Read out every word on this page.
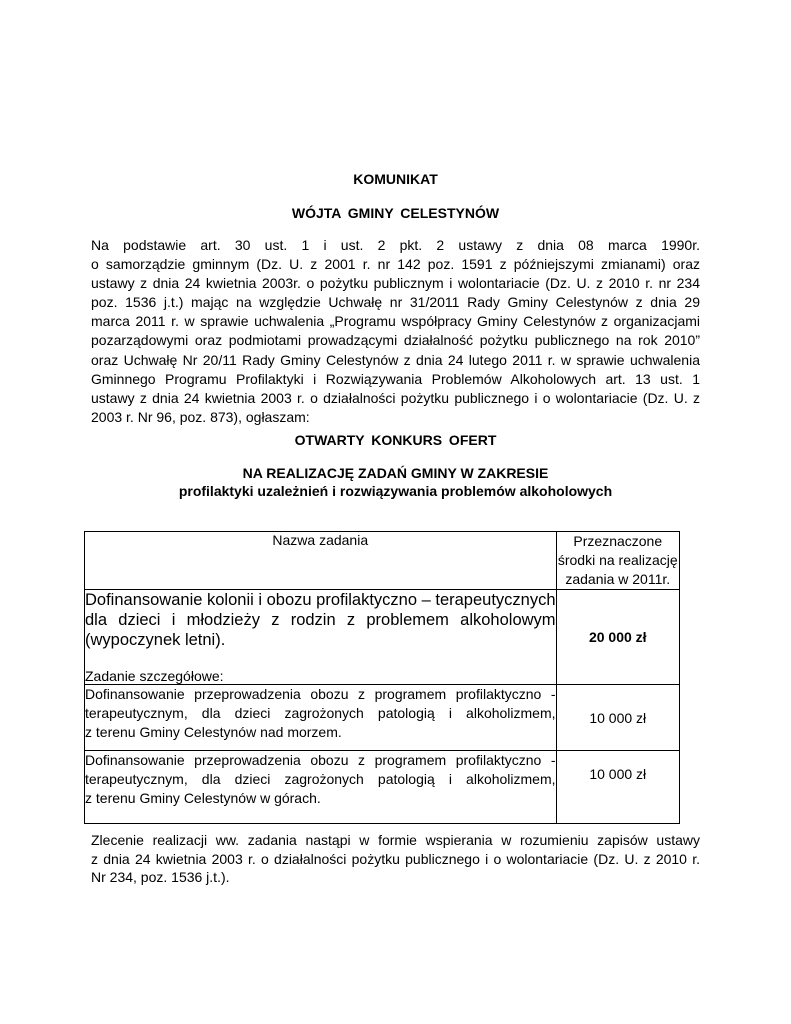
KOMUNIKAT
WÓJTA GMINY CELESTYNÓW

Na podstawie art. 30 ust. 1 i ust. 2 pkt. 2 ustawy z dnia 08 marca 1990r.
o samorządzie gminnym (Dz. U. z 2001 r. nr 142 poz. 1591 z późniejszymi zmianami) oraz
ustawy z dnia 24 kwietnia 2003r. o pożytku publicznym i wolontariacie (Dz. U. z 2010 r. nr 234
poz. 1536 j.t.) mając na względzie Uchwałę nr 31/2011 Rady Gminy Celestynów z dnia 29
marca 2011 r. w sprawie uchwalenia „Programu współpracy Gminy Celestynów z organizacjami
pozarządowymi oraz podmiotami prowadzącymi działalność pożytku publicznego na rok 2010”
oraz Uchwałę Nr 20/11 Rady Gminy Celestynów z dnia 24 lutego 2011 r. w sprawie uchwalenia
Gminnego Programu Profilaktyki i Rozwiązywania Problemów Alkoholowych art. 13 ust. 1
ustawy z dnia 24 kwietnia 2003 r. o działalności pożytku publicznego i o wolontariacie (Dz. U. z
2003 r. Nr 96, poz. 873), ogłaszam:

OTWARTY KONKURS OFERT
NA REALIZACJĘ ZADAŃ GMINY W ZAKRESIE
profilaktyki uzależnień i rozwiązywania problemów alkoholowych
Nazwa zadania	Przeznaczone
środki na realizację
zadania w 2011r.

Dofinansowanie kolonii i obozu profilaktyczno – terapeutycznych
dla dzieci i młodzieży z rodzin z problemem alkoholowym
(wypoczynek letni).
Zadanie szczegółowe:	20 000 zł

Dofinansowanie przeprowadzenia obozu z programem profilaktyczno -
terapeutycznym, dla dzieci zagrożonych patologią i alkoholizmem,
z terenu Gminy Celestynów nad morzem.	10 000 zł

Dofinansowanie przeprowadzenia obozu z programem profilaktyczno -
terapeutycznym, dla dzieci zagrożonych patologią i alkoholizmem,
z terenu Gminy Celestynów w górach.	10 000 zł

Zlecenie realizacji ww. zadania nastąpi w formie wspierania w rozumieniu zapisów ustawy
z dnia 24 kwietnia 2003 r. o działalności pożytku publicznego i o wolontariacie (Dz. U. z 2010 r.
Nr 234, poz. 1536 j.t.).
